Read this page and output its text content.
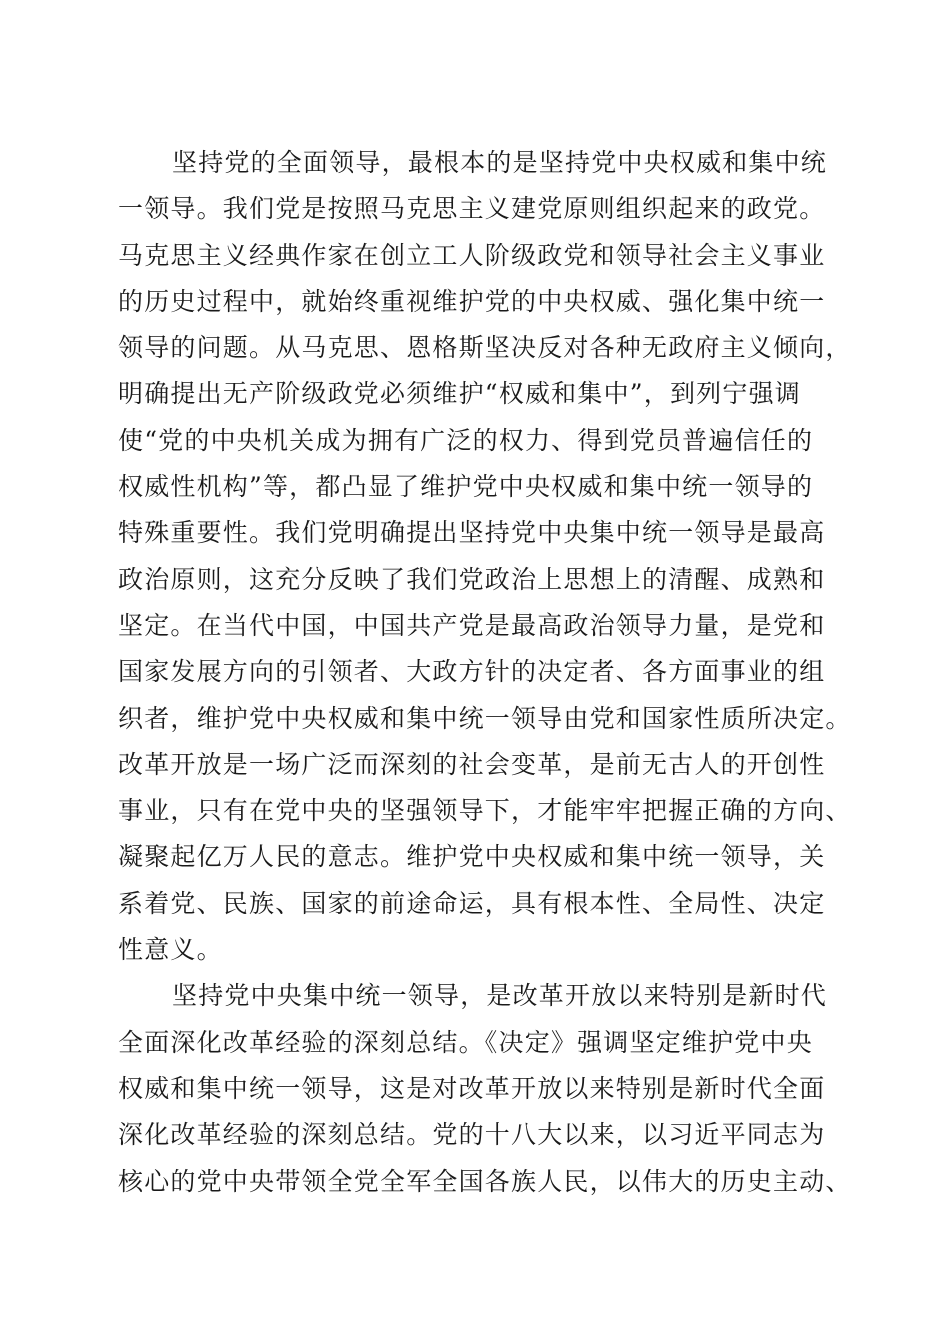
坚持党的全面领导，最根本的是坚持党中央权威和集中统
一领导。我们党是按照马克思主义建党原则组织起来的政党。
马克思主义经典作家在创立工人阶级政党和领导社会主义事业
的历史过程中，就始终重视维护党的中央权威、强化集中统一
领导的问题。从马克思、恩格斯坚决反对各种无政府主义倾向，
明确提出无产阶级政党必须维护“权威和集中”，到列宁强调
使“党的中央机关成为拥有广泛的权力、得到党员普遍信任的
权威性机构”等，都凸显了维护党中央权威和集中统一领导的
特殊重要性。我们党明确提出坚持党中央集中统一领导是最高
政治原则，这充分反映了我们党政治上思想上的清醒、成熟和
坚定。在当代中国，中国共产党是最高政治领导力量，是党和
国家发展方向的引领者、大政方针的决定者、各方面事业的组
织者，维护党中央权威和集中统一领导由党和国家性质所决定。
改革开放是一场广泛而深刻的社会变革，是前无古人的开创性
事业，只有在党中央的坚强领导下，才能牢牢把握正确的方向、
凝聚起亿万人民的意志。维护党中央权威和集中统一领导，关
系着党、民族、国家的前途命运，具有根本性、全局性、决定
性意义。
坚持党中央集中统一领导，是改革开放以来特别是新时代
全面深化改革经验的深刻总结。《决定》强调坚定维护党中央
权威和集中统一领导，这是对改革开放以来特别是新时代全面
深化改革经验的深刻总结。党的十八大以来，以习近平同志为
核心的党中央带领全党全军全国各族人民，以伟大的历史主动、
